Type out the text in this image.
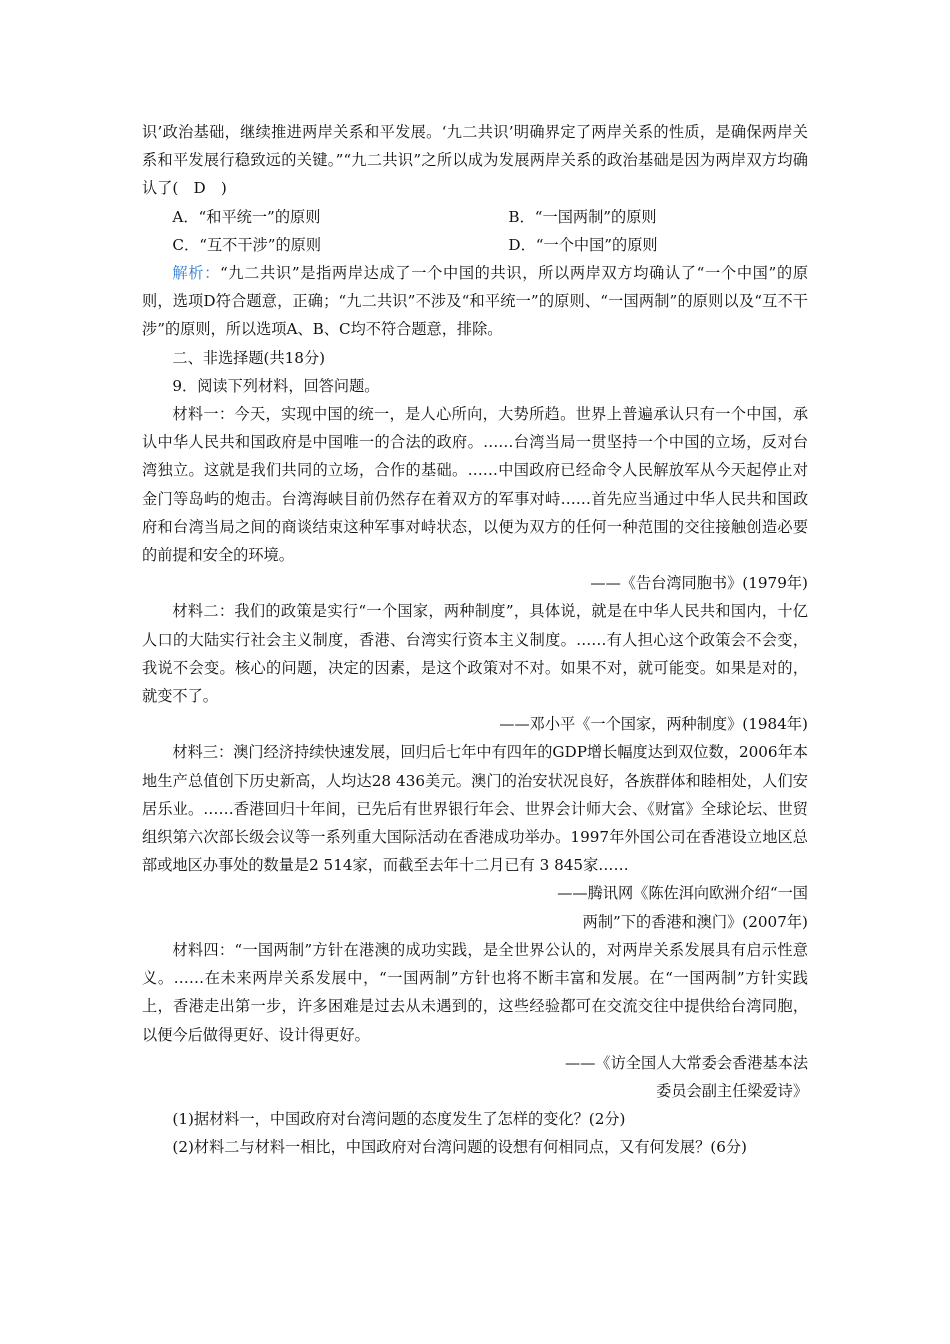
识’政治基础，继续推进两岸关系和平发展。‘九二共识’明确界定了两岸关系的性质，是确保两岸关系和平发展行稳致远的关键。”“九二共识”之所以成为发展两岸关系的政治基础是因为两岸双方均确认了(　D　)

A．“和平统一”的原则	B．“一国两制”的原则
C．“互不干涉”的原则	D．“一个中国”的原则

解析：“九二共识”是指两岸达成了一个中国的共识，所以两岸双方均确认了“一个中国”的原则，选项D符合题意，正确；“九二共识”不涉及“和平统一”的原则、“一国两制”的原则以及“互不干涉”的原则，所以选项A、B、C均不符合题意，排除。

二、非选择题(共18分)

9．阅读下列材料，回答问题。

材料一：今天，实现中国的统一，是人心所向，大势所趋。世界上普遍承认只有一个中国，承认中华人民共和国政府是中国唯一的合法的政府。……台湾当局一贯坚持一个中国的立场，反对台湾独立。这就是我们共同的立场，合作的基础。……中国政府已经命令人民解放军从今天起停止对金门等岛屿的炮击。台湾海峡目前仍然存在着双方的军事对峙……首先应当通过中华人民共和国政府和台湾当局之间的商谈结束这种军事对峙状态，以便为双方的任何一种范围的交往接触创造必要的前提和安全的环境。

——《告台湾同胞书》(1979年)

材料二：我们的政策是实行“一个国家，两种制度”，具体说，就是在中华人民共和国内，十亿人口的大陆实行社会主义制度，香港、台湾实行资本主义制度。……有人担心这个政策会不会变，我说不会变。核心的问题，决定的因素，是这个政策对不对。如果不对，就可能变。如果是对的，就变不了。

——邓小平《一个国家，两种制度》(1984年)

材料三：澳门经济持续快速发展，回归后七年中有四年的GDP增长幅度达到双位数，2006年本地生产总值创下历史新高，人均达28 436美元。澳门的治安状况良好，各族群体和睦相处，人们安居乐业。……香港回归十年间，已先后有世界银行年会、世界会计师大会、《财富》全球论坛、世贸组织第六次部长级会议等一系列重大国际活动在香港成功举办。1997年外国公司在香港设立地区总部或地区办事处的数量是2 514家，而截至去年十二月已有 3 845家……

——腾讯网《陈佐洱向欧洲介绍“一国

两制”下的香港和澳门》(2007年)

材料四：“一国两制”方针在港澳的成功实践，是全世界公认的，对两岸关系发展具有启示性意义。……在未来两岸关系发展中，“一国两制”方针也将不断丰富和发展。在“一国两制”方针实践上，香港走出第一步，许多困难是过去从未遇到的，这些经验都可在交流交往中提供给台湾同胞，以便今后做得更好、设计得更好。

——《访全国人大常委会香港基本法

委员会副主任梁爱诗》

(1)据材料一，中国政府对台湾问题的态度发生了怎样的变化？(2分)

(2)材料二与材料一相比，中国政府对台湾问题的设想有何相同点，又有何发展？(6分)
